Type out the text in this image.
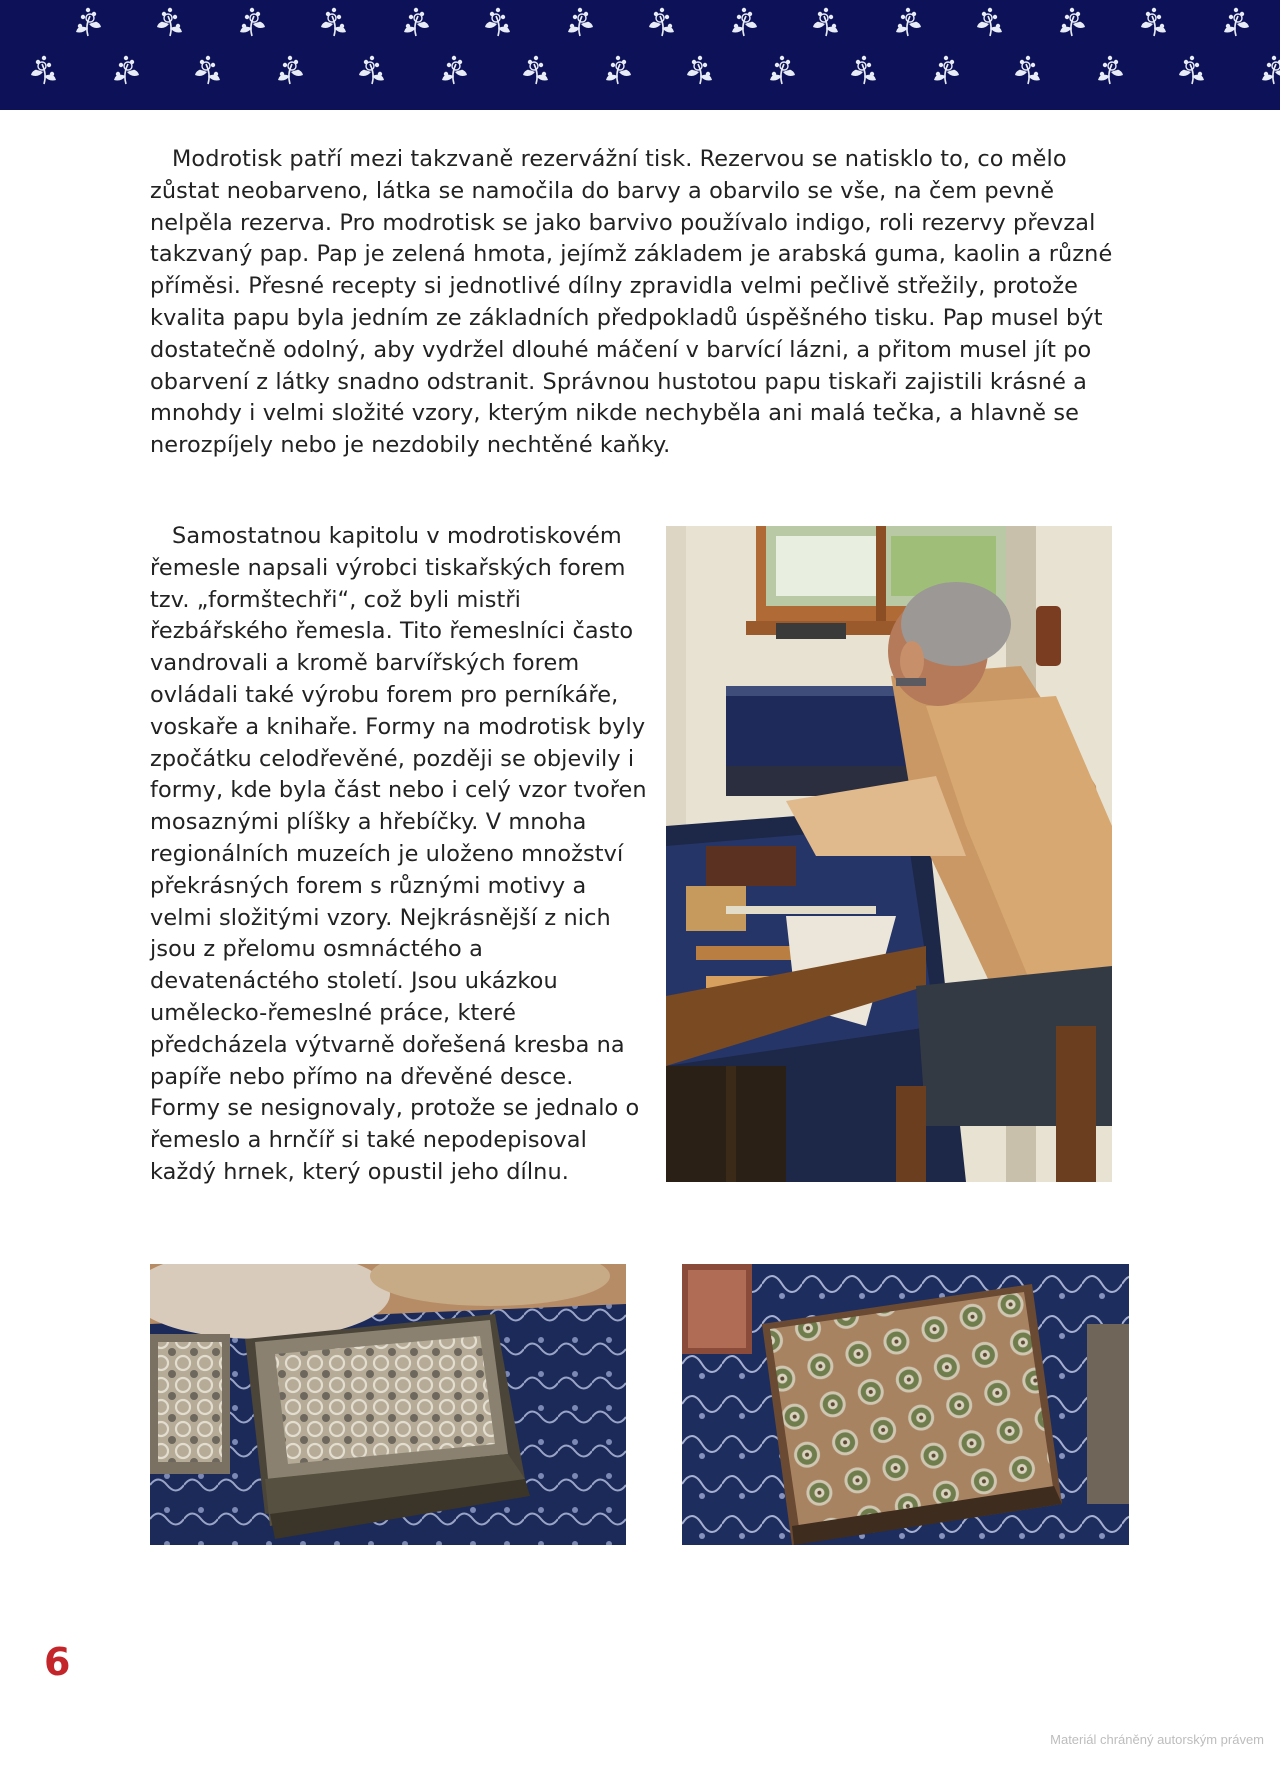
Modrotisk patří mezi takzvaně rezervážní tisk. Rezervou se natisklo to, co mělo zůstat neobarveno, látka se namočila do barvy a obarvilo se vše, na čem pevně nelpěla rezerva. Pro modrotisk se jako barvivo používalo indigo, roli rezervy převzal takzvaný pap. Pap je zelená hmota, jejímž základem je arabská guma, kaolin a různé příměsi. Přesné recepty si jednotlivé dílny zpravidla velmi pečlivě střežily, protože kvalita papu byla jedním ze základních předpokladů úspěšného tisku. Pap musel být dostatečně odolný, aby vydržel dlouhé máčení v barvící lázni, a přitom musel jít po obarvení z látky snadno odstranit. Správnou hustotou papu tiskaři zajistili krásné a mnohdy i velmi složité vzory, kterým nikde nechyběla ani malá tečka, a hlavně se nerozpíjely nebo je nezdobily nechtěné kaňky.

Samostatnou kapitolu v modrotiskovém řemesle napsali výrobci tiskařských forem tzv. „formštechři“, což byli mistři řezbářského řemesla. Tito řemeslníci často vandrovali a kromě barvířských forem ovládali také výrobu forem pro perníkáře, voskaře a knihaře. Formy na modrotisk byly zpočátku celodřevěné, později se objevily i formy, kde byla část nebo i celý vzor tvořen mosaznými plíšky a hřebíčky. V mnoha regionálních muzeích je uloženo množství překrásných forem s různými motivy a velmi složitými vzory. Nejkrásnější z nich jsou z přelomu osmnáctého a devatenáctého století. Jsou ukázkou umělecko-řemeslné práce, které předcházela výtvarně dořešená kresba na papíře nebo přímo na dřevěné desce. Formy se nesignovaly, protože se jednalo o řemeslo a hrnčíř si také nepodepisoval každý hrnek, který opustil jeho dílnu.

6

Materiál chráněný autorským právem
